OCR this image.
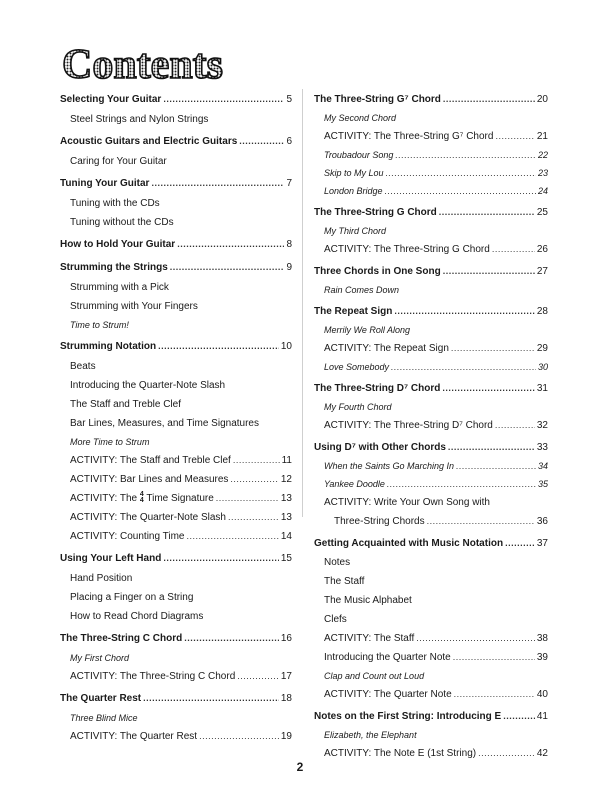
Contents
Selecting Your Guitar .....	5
Steel Strings and Nylon Strings
Acoustic Guitars and Electric Guitars .....	6
Caring for Your Guitar
Tuning Your Guitar .....	7
Tuning with the CDs
Tuning without the CDs
How to Hold Your Guitar .....	8
Strumming the Strings .....	9
Strumming with a Pick
Strumming with Your Fingers
Time to Strum!
Strumming Notation .....	10
Beats
Introducing the Quarter-Note Slash
The Staff and Treble Clef
Bar Lines, Measures, and Time Signatures
More Time to Strum
ACTIVITY: The Staff and Treble Clef .....	11
ACTIVITY: Bar Lines and Measures .....	12
ACTIVITY: The 4
4 Time Signature .....	13
ACTIVITY: The Quarter-Note Slash .....	13
ACTIVITY: Counting Time .....	14
Using Your Left Hand .....	15
Hand Position
Placing a Finger on a String
How to Read Chord Diagrams
The Three-String C Chord .....	16
My First Chord
ACTIVITY: The Three-String C Chord .....	17
The Quarter Rest .....	18
Three Blind Mice
ACTIVITY: The Quarter Rest .....	19
The Three-String G⁷ Chord .....	20
My Second Chord
ACTIVITY: The Three-String G⁷ Chord .....	21
Troubadour Song .....	22
Skip to My Lou .....	23
London Bridge .....	24
The Three-String G Chord .....	25
My Third Chord
ACTIVITY: The Three-String G Chord .....	26
Three Chords in One Song .....	27
Rain Comes Down
The Repeat Sign .....	28
Merrily We Roll Along
ACTIVITY: The Repeat Sign .....	29
Love Somebody .....	30
The Three-String D⁷ Chord .....	31
My Fourth Chord
ACTIVITY: The Three-String D⁷ Chord .....	32
Using D⁷ with Other Chords .....	33
When the Saints Go Marching In .....	34
Yankee Doodle .....	35
ACTIVITY: Write Your Own Song with
Three-String Chords .....	36
Getting Acquainted with Music Notation .....	37
Notes
The Staff
The Music Alphabet
Clefs
ACTIVITY: The Staff .....	38
Introducing the Quarter Note .....	39
Clap and Count out Loud
ACTIVITY: The Quarter Note .....	40
Notes on the First String: Introducing E .....	41
Elizabeth, the Elephant
ACTIVITY: The Note E (1st String) .....	42
2
